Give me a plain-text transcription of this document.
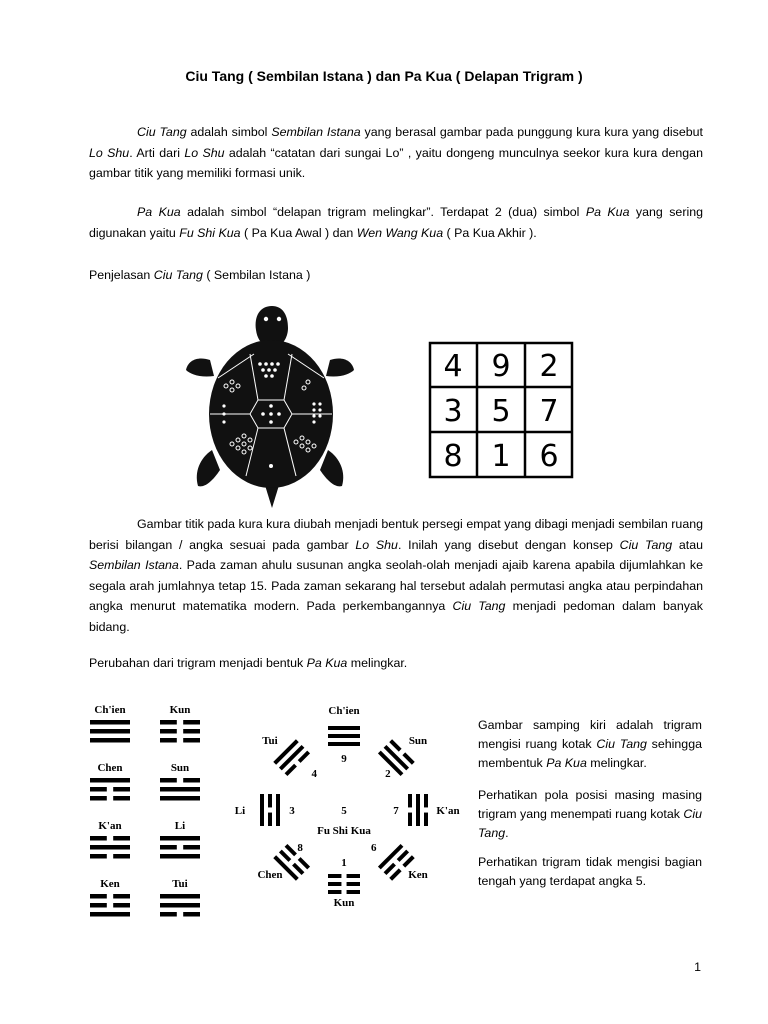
Ciu Tang ( Sembilan Istana ) dan Pa Kua ( Delapan Trigram )

Ciu Tang adalah simbol Sembilan Istana yang berasal gambar pada punggung kura kura yang disebut Lo Shu. Arti dari Lo Shu adalah “catatan dari sungai Lo” , yaitu dongeng munculnya seekor kura kura dengan gambar titik yang memiliki formasi unik.

Pa Kua adalah simbol “delapan trigram melingkar”. Terdapat 2 (dua) simbol Pa Kua yang sering digunakan yaitu Fu Shi Kua ( Pa Kua Awal ) dan Wen Wang Kua ( Pa Kua Akhir ).

Penjelasan Ciu Tang ( Sembilan Istana )
4 9 2
3 5 7
8 1 6

Gambar titik pada kura kura diubah menjadi bentuk persegi empat yang dibagi menjadi sembilan ruang berisi bilangan / angka sesuai pada gambar Lo Shu. Inilah yang disebut dengan konsep Ciu Tang atau Sembilan Istana. Pada zaman ahulu susunan angka seolah-olah menjadi ajaib karena apabila dijumlahkan ke segala arah jumlahnya tetap 15. Pada zaman sekarang hal tersebut adalah permutasi angka atau perpindahan angka menurut matematika modern. Pada perkembangannya Ciu Tang menjadi pedoman dalam banyak bidang.

Perubahan dari trigram menjadi bentuk Pa Kua melingkar.
Ch'ien	Kun
Chen	Sun
K'an	Li
Ken	Tui
Ch'ien
9
Sun
2
K'an
7
Ken
6
Kun
1
Chen
8
Li	3
Tui
4
5
Fu Shi Kua

Gambar samping kiri adalah trigram mengisi ruang kotak Ciu Tang sehingga membentuk Pa Kua melingkar.

Perhatikan pola posisi masing masing trigram yang menempati ruang kotak Ciu Tang.

Perhatikan trigram tidak mengisi bagian tengah yang terdapat angka 5.

1
